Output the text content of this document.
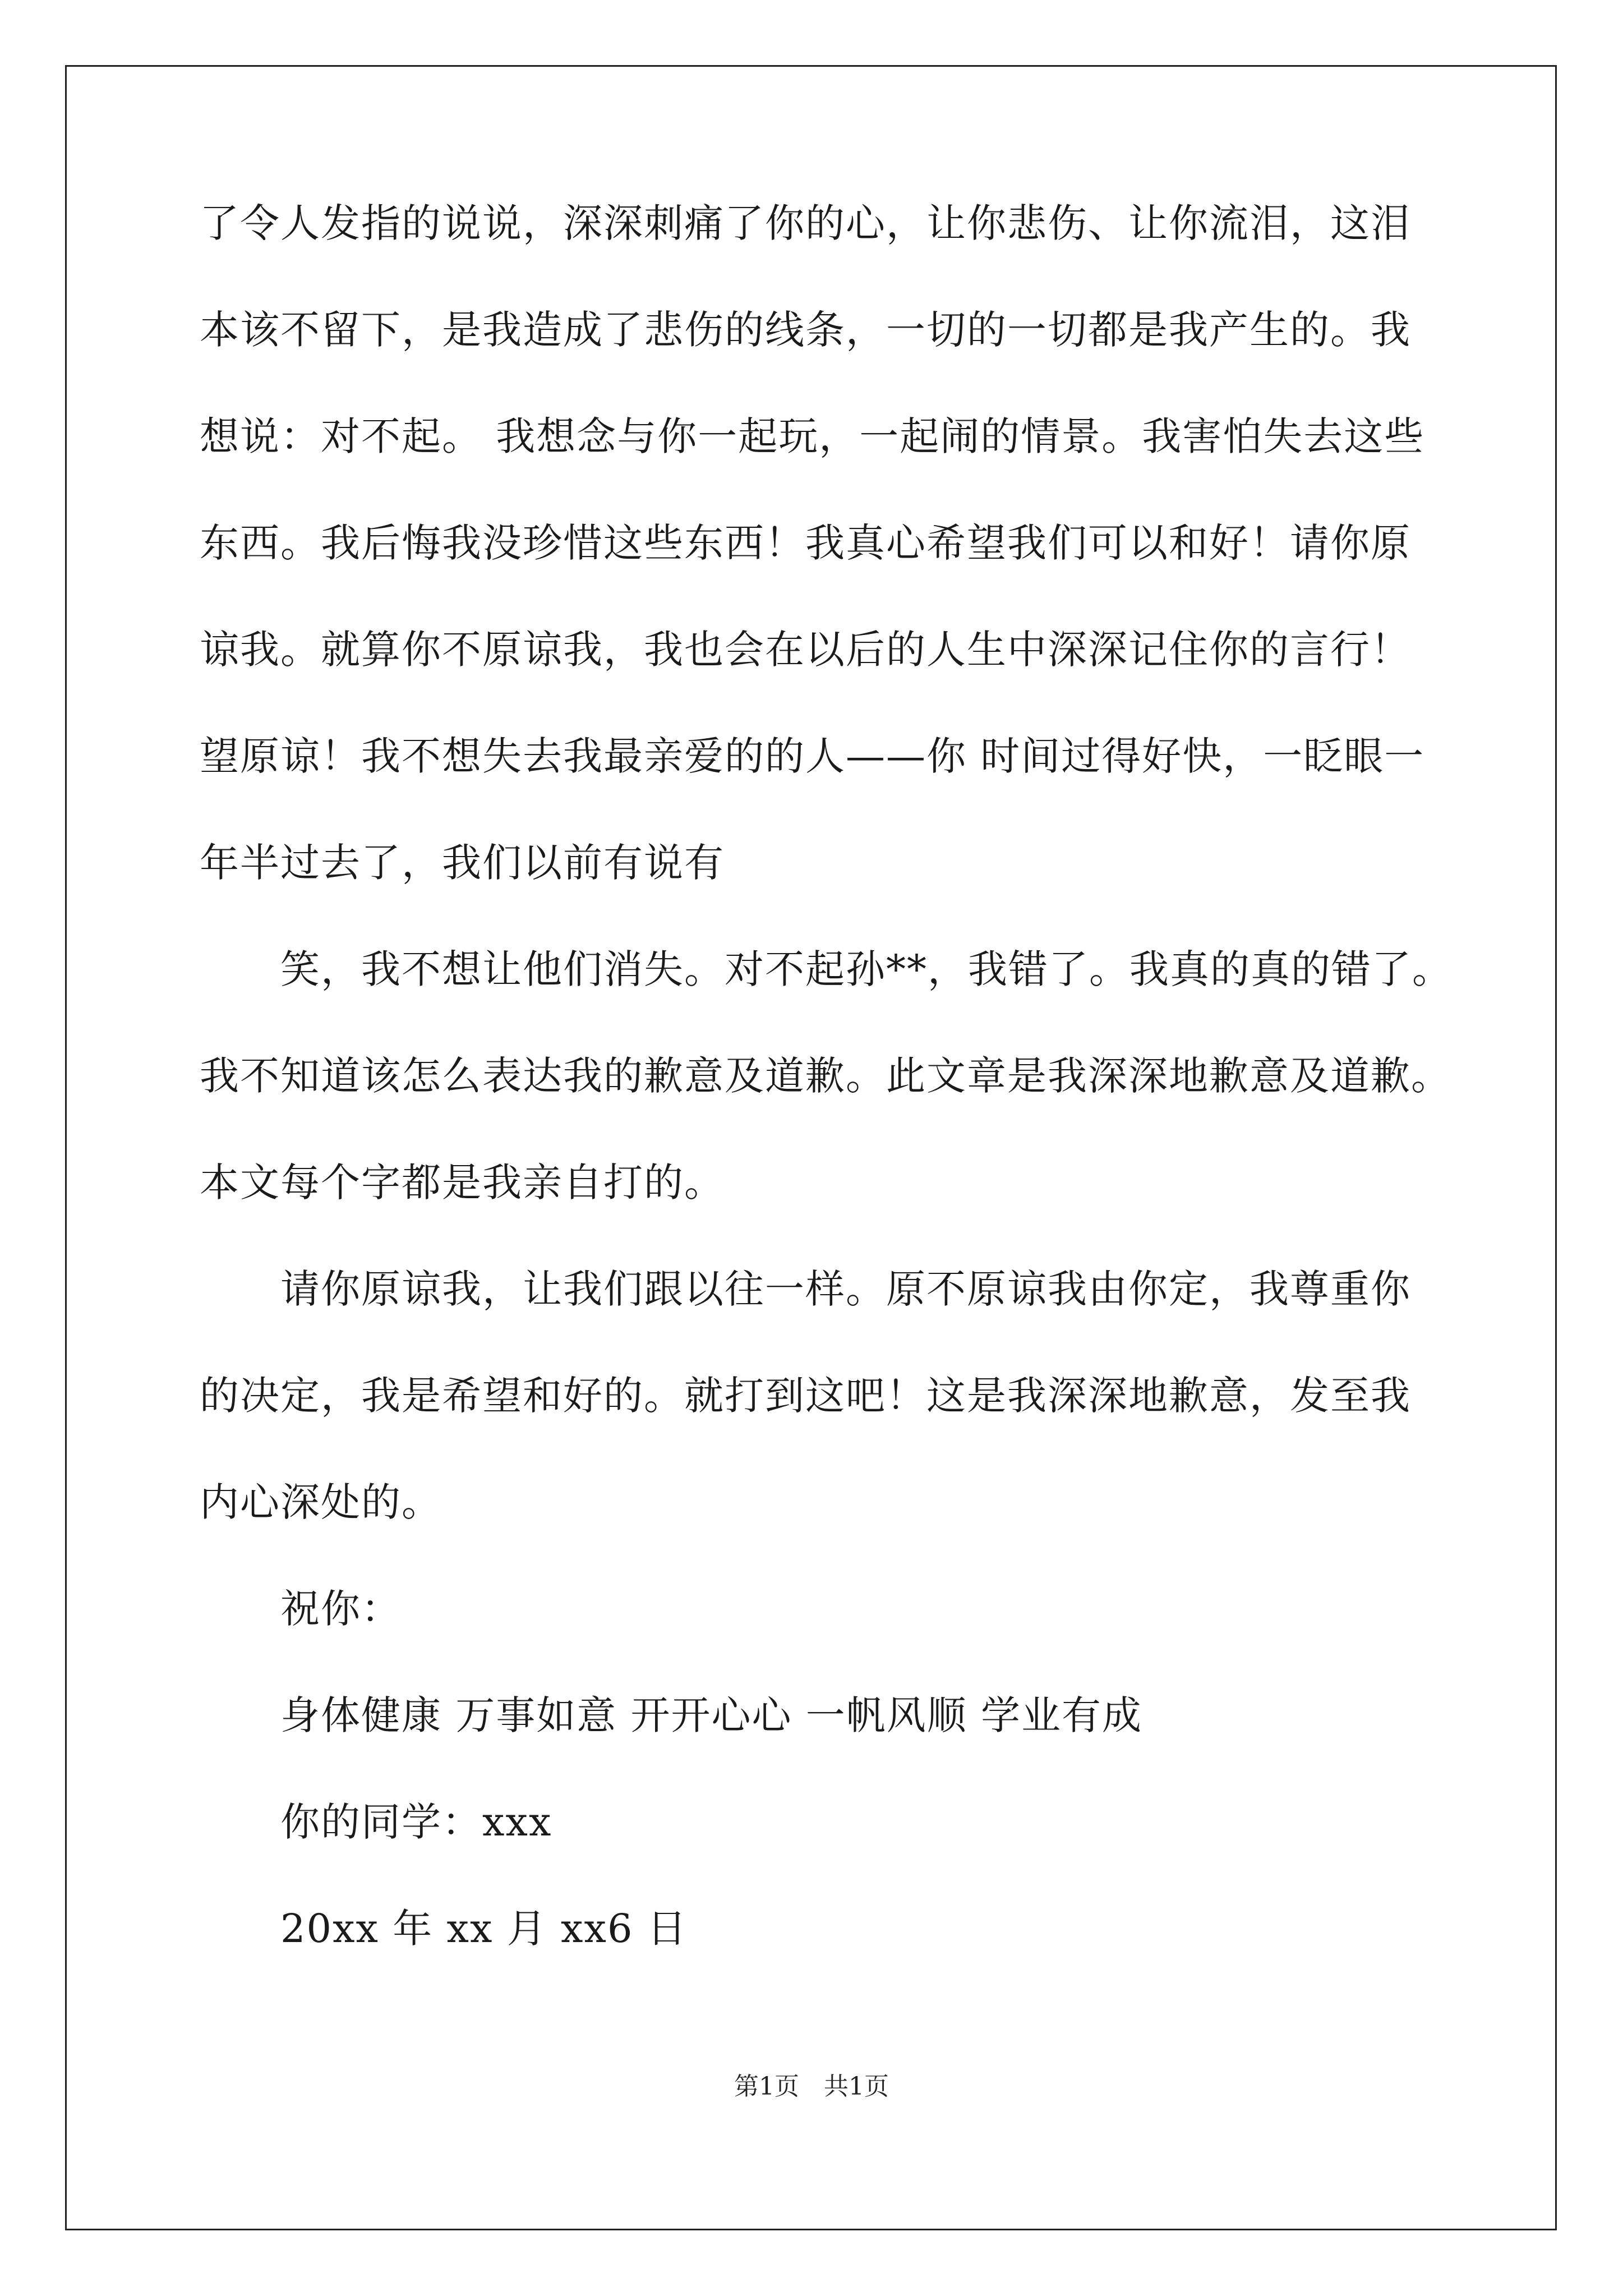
了令人发指的说说，深深刺痛了你的心，让你悲伤、让你流泪，这泪
本该不留下，是我造成了悲伤的线条，一切的一切都是我产生的。我
想说：对不起。 我想念与你一起玩，一起闹的情景。我害怕失去这些
东西。我后悔我没珍惜这些东西！我真心希望我们可以和好！请你原
谅我。就算你不原谅我，我也会在以后的人生中深深记住你的言行！
望原谅！我不想失去我最亲爱的的人——你 时间过得好快，一眨眼一
年半过去了，我们以前有说有
笑，我不想让他们消失。对不起孙**，我错了。我真的真的错了。
我不知道该怎么表达我的歉意及道歉。此文章是我深深地歉意及道歉。
本文每个字都是我亲自打的。
请你原谅我，让我们跟以往一样。原不原谅我由你定，我尊重你
的决定，我是希望和好的。就打到这吧！这是我深深地歉意，发至我
内心深处的。
祝你：
身体健康 万事如意 开开心心 一帆风顺 学业有成
你的同学：xxx
20xx 年 xx 月 xx6 日
第1页　共1页
